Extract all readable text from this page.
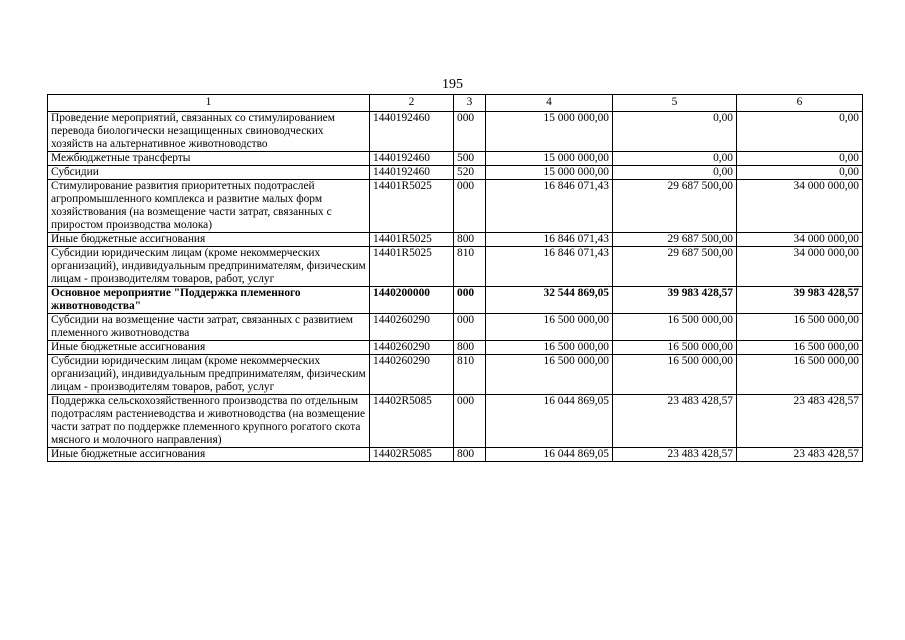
195
1	2	3	4	5	6
Проведение мероприятий, связанных со стимулированием перевода биологически незащищенных свиноводческих хозяйств на альтернативное животноводство	1440192460	000	15 000 000,00	0,00	0,00
Межбюджетные трансферты	1440192460	500	15 000 000,00	0,00	0,00
Субсидии	1440192460	520	15 000 000,00	0,00	0,00
Стимулирование развития приоритетных подотраслей агропромышленного комплекса и развитие малых форм хозяйствования (на возмещение части затрат, связанных с приростом производства молока)	14401R5025	000	16 846 071,43	29 687 500,00	34 000 000,00
Иные бюджетные ассигнования	14401R5025	800	16 846 071,43	29 687 500,00	34 000 000,00
Субсидии юридическим лицам (кроме некоммерческих организаций), индивидуальным предпринимателям, физическим лицам - производителям товаров, работ, услуг	14401R5025	810	16 846 071,43	29 687 500,00	34 000 000,00
Основное мероприятие "Поддержка племенного животноводства"	1440200000	000	32 544 869,05	39 983 428,57	39 983 428,57
Субсидии на возмещение части затрат, связанных с развитием племенного животноводства	1440260290	000	16 500 000,00	16 500 000,00	16 500 000,00
Иные бюджетные ассигнования	1440260290	800	16 500 000,00	16 500 000,00	16 500 000,00
Субсидии юридическим лицам (кроме некоммерческих организаций), индивидуальным предпринимателям, физическим лицам - производителям товаров, работ, услуг	1440260290	810	16 500 000,00	16 500 000,00	16 500 000,00
Поддержка сельскохозяйственного производства по отдельным подотраслям растениеводства и животноводства (на возмещение части затрат по поддержке племенного крупного рогатого скота мясного и молочного направления)	14402R5085	000	16 044 869,05	23 483 428,57	23 483 428,57
Иные бюджетные ассигнования	14402R5085	800	16 044 869,05	23 483 428,57	23 483 428,57
